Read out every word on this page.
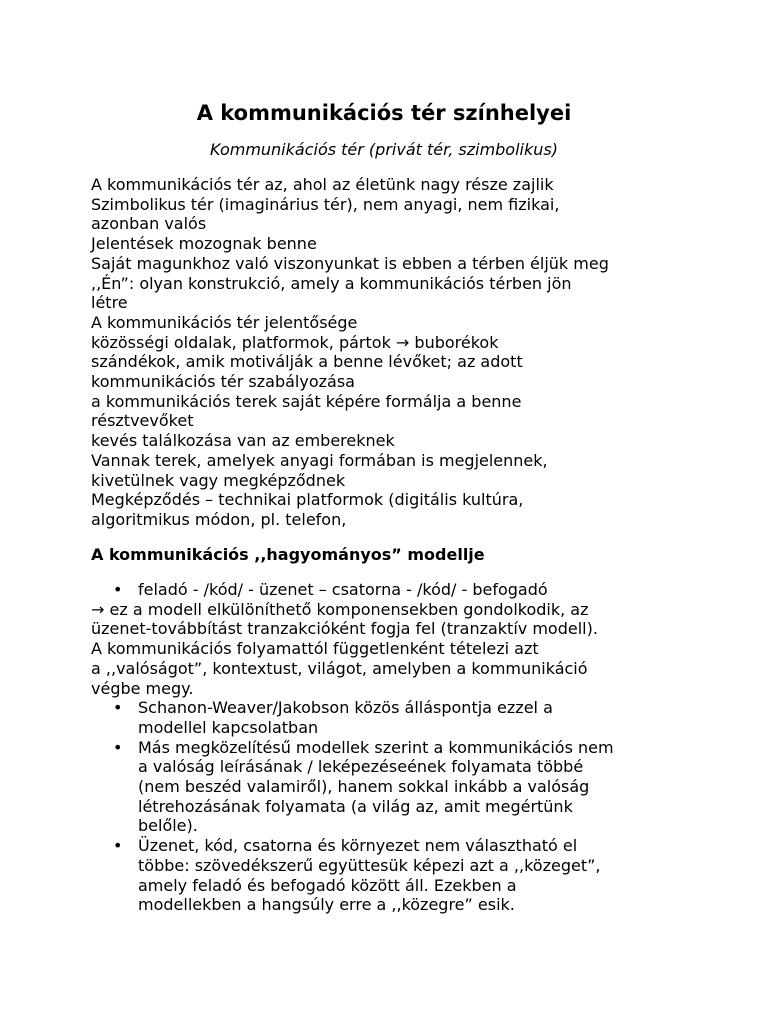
A kommunikációs tér színhelyei

Kommunikációs tér (privát tér, szimbolikus)

A kommunikációs tér az, ahol az életünk nagy része zajlik
Szimbolikus tér (imaginárius tér), nem anyagi, nem fizikai,
azonban valós
Jelentések mozognak benne
Saját magunkhoz való viszonyunkat is ebben a térben éljük meg
,,Én”: olyan konstrukció, amely a kommunikációs térben jön
létre
A kommunikációs tér jelentősége
közösségi oldalak, platformok, pártok → buborékok
szándékok, amik motiválják a benne lévőket; az adott
kommunikációs tér szabályozása
a kommunikációs terek saját képére formálja a benne
résztvevőket
kevés találkozása van az embereknek
Vannak terek, amelyek anyagi formában is megjelennek,
kivetülnek vagy megképződnek
Megképződés – technikai platformok (digitális kultúra,
algoritmikus módon, pl. telefon,
A kommunikációs ,,hagyományos” modellje
• feladó - /kód/ - üzenet – csatorna - /kód/ - befogadó
→ ez a modell elkülöníthető komponensekben gondolkodik, az
üzenet-továbbítást tranzakcióként fogja fel (tranzaktív modell).
A kommunikációs folyamattól függetlenként tételezi azt
a ,,valóságot”, kontextust, világot, amelyben a kommunikáció
végbe megy.
• Schanon-Weaver/Jakobson közös álláspontja ezzel a
modellel kapcsolatban
• Más megközelítésű modellek szerint a kommunikációs nem
a valóság leírásának / leképezéseének folyamata többé
(nem beszéd valamiről), hanem sokkal inkább a valóság
létrehozásának folyamata (a világ az, amit megértünk
belőle).
• Üzenet, kód, csatorna és környezet nem választható el
többe: szövedékszerű együttesük képezi azt a ,,közeget”,
amely feladó és befogadó között áll. Ezekben a
modellekben a hangsúly erre a ,,közegre” esik.
